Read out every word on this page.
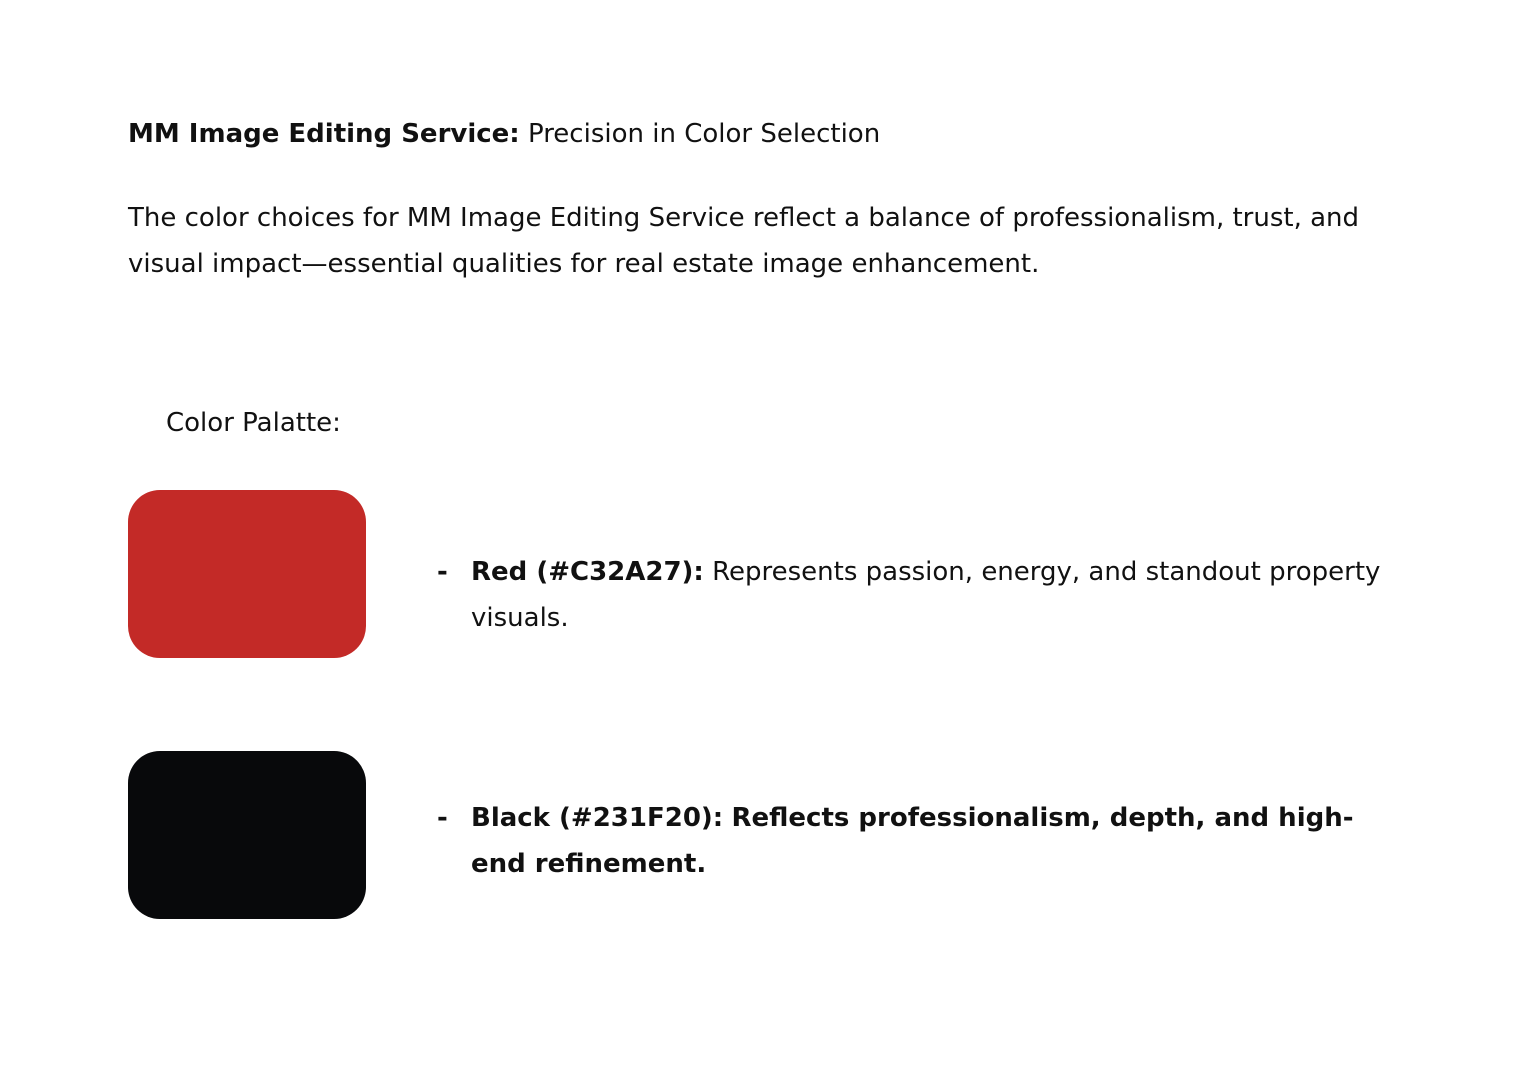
MM Image Editing Service: Precision in Color Selection
The color choices for MM Image Editing Service reflect a balance of professionalism, trust, and visual impact—essential qualities for real estate image enhancement.
Color Palatte:
- Red (#C32A27): Represents passion, energy, and standout property visuals.
- Black (#231F20): Reflects professionalism, depth, and high-end refinement.
